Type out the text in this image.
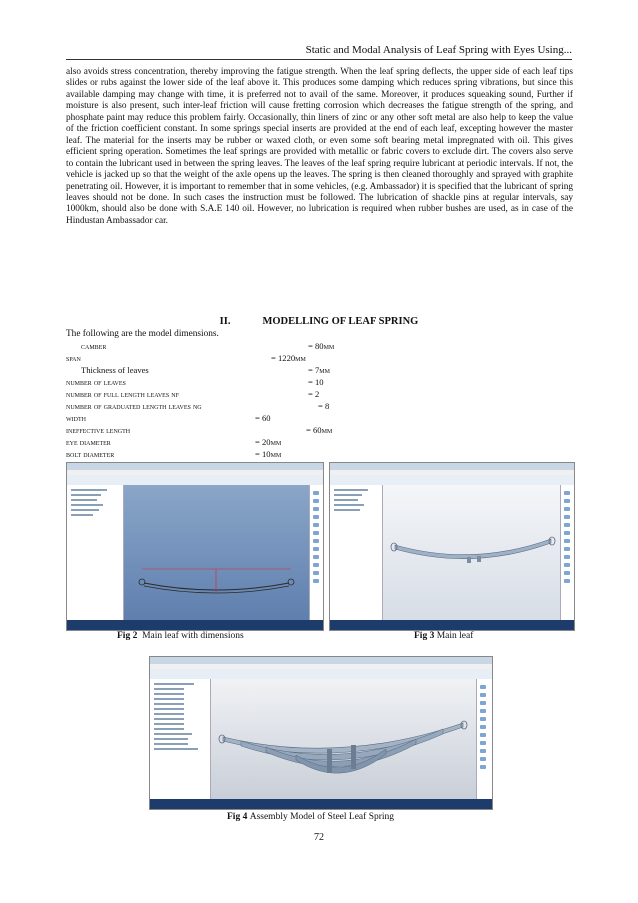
Static and Modal Analysis of Leaf Spring with Eyes Using...

also avoids stress concentration, thereby improving the fatigue strength. When the leaf spring deflects, the upper side of each leaf tips slides or rubs against the lower side of the leaf above it. This produces some damping which reduces spring vibrations, but since this available damping may change with time, it is preferred not to avail of the same. Moreover, it produces squeaking sound, Further if moisture is also present, such inter-leaf friction will cause fretting corrosion which decreases the fatigue strength of the spring, and phosphate paint may reduce this problem fairly. Occasionally, thin liners of zinc or any other soft metal are also help to keep the value of the friction coefficient constant. In some springs special inserts are provided at the end of each leaf, excepting however the master leaf. The material for the inserts may be rubber or waxed cloth, or even some soft bearing metal impregnated with oil. This gives efficient spring operation. Sometimes the leaf springs are provided with metallic or fabric covers to exclude dirt. The covers also serve to contain the lubricant used in between the spring leaves. The leaves of the leaf spring require lubricant at periodic intervals. If not, the vehicle is jacked up so that the weight of the axle opens up the leaves. The spring is then cleaned thoroughly and sprayed with graphite penetrating oil. However, it is important to remember that in some vehicles, (e.g. Ambassador) it is specified that the lubricant of spring leaves should not be done. In such cases the instruction must be followed. The lubrication of shackle pins at regular intervals, say 1000km, should also be done with S.A.E 140 oil. However, no lubrication is required when rubber bushes are used, as in case of the Hindustan Ambassador car.

II.	MODELLING OF LEAF SPRING
The following are the model dimensions.
camber	= 80mm
span	= 1220mm
Thickness of leaves	= 7mm
number of leaves	= 10
number of full length leaves nf	= 2
number of graduated length leaves ng	= 8
width	= 60
ineffective length	= 60mm
eye diameter	= 20mm
bolt diameter	= 10mm
Fig 2 Main leaf with dimensions	Fig 3 Main leaf
Fig 4 Assembly Model of Steel Leaf Spring
72
